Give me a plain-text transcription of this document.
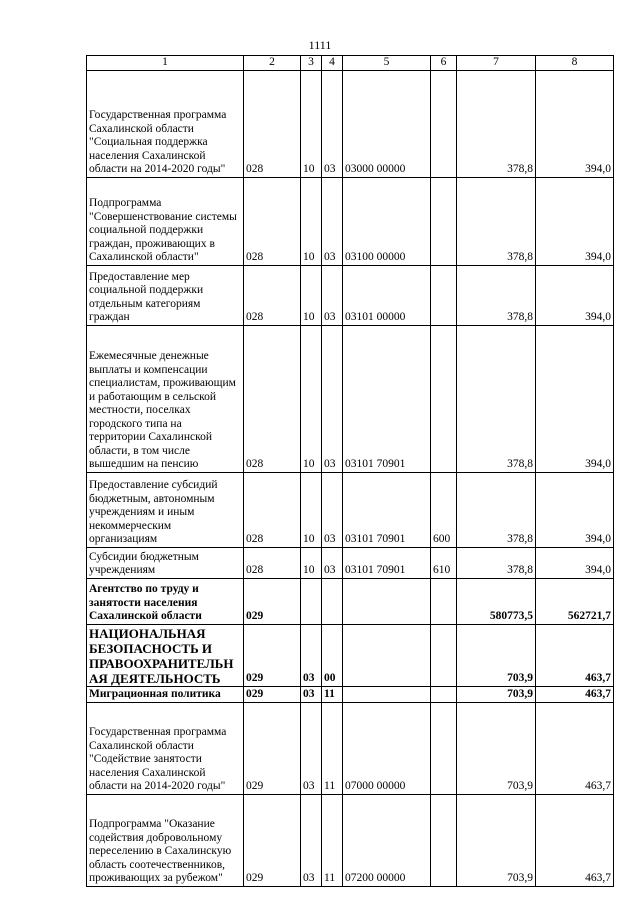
1111
1	2	3	4	5	6	7	8
Государственная программа Сахалинской области "Социальная поддержка населения Сахалинской области на 2014-2020 годы"	028	10	03	03000 00000		378,8	394,0
Подпрограмма "Совершенствование системы социальной поддержки граждан, проживающих в Сахалинской области"	028	10	03	03100 00000		378,8	394,0
Предоставление мер социальной поддержки отдельным категориям граждан	028	10	03	03101 00000		378,8	394,0
Ежемесячные денежные выплаты и компенсации специалистам, проживающим и работающим в сельской местности, поселках городского типа на территории Сахалинской области, в том числе вышедшим на пенсию	028	10	03	03101 70901		378,8	394,0
Предоставление субсидий бюджетным, автономным учреждениям и иным некоммерческим организациям	028	10	03	03101 70901	600	378,8	394,0
Субсидии бюджетным учреждениям	028	10	03	03101 70901	610	378,8	394,0
Агентство по труду и занятости населения Сахалинской области	029					580773,5	562721,7
НАЦИОНАЛЬНАЯ БЕЗОПАСНОСТЬ И ПРАВООХРАНИТЕЛЬН АЯ ДЕЯТЕЛЬНОСТЬ	029	03	00			703,9	463,7
Миграционная политика	029	03	11			703,9	463,7
Государственная программа Сахалинской области "Содействие занятости населения Сахалинской области на 2014-2020 годы"	029	03	11	07000 00000		703,9	463,7
Подпрограмма "Оказание содействия добровольному переселению в Сахалинскую область соотечественников, проживающих за рубежом"	029	03	11	07200 00000		703,9	463,7
